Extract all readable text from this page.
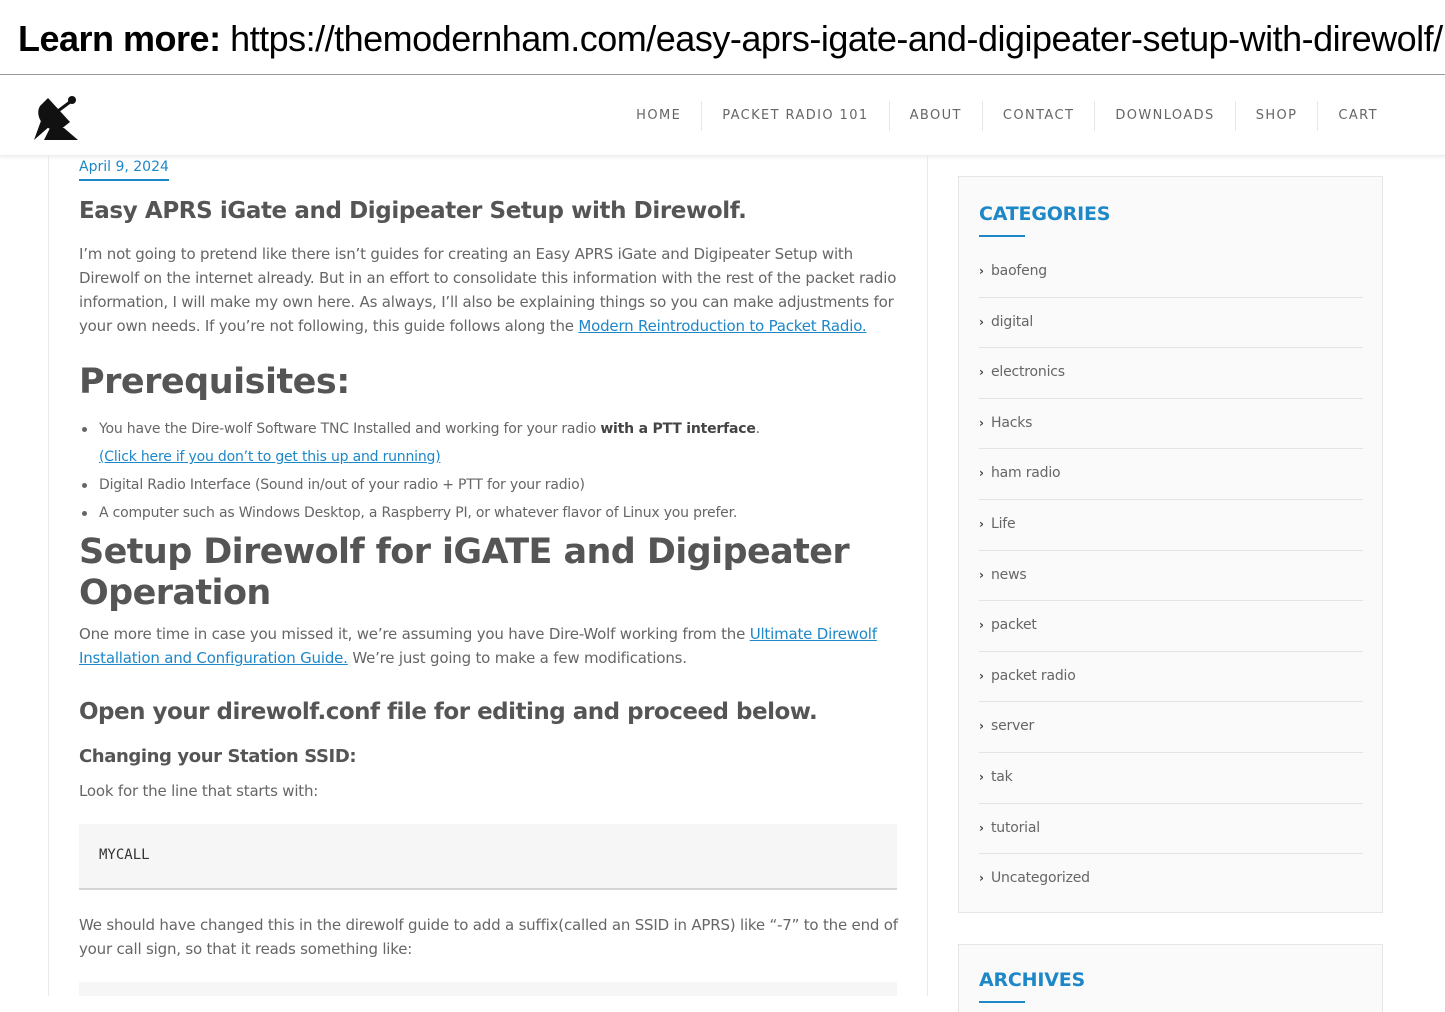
Learn more: https://themodernham.com/easy-aprs-igate-and-digipeater-setup-with-direwolf/
HOME	PACKET RADIO 101	ABOUT	CONTACT	DOWNLOADS	SHOP	CART
April 9, 2024
Easy APRS iGate and Digipeater Setup with Direwolf.

I’m not going to pretend like there isn’t guides for creating an Easy APRS iGate and Digipeater Setup with Direwolf on the internet already. But in an effort to consolidate this information with the rest of the packet radio information, I will make my own here. As always, I’ll also be explaining things so you can make adjustments for your own needs. If you’re not following, this guide follows along the Modern Reintroduction to Packet Radio.

Prerequisites:
You have the Dire-wolf Software TNC Installed and working for your radio with a PTT interface.
(Click here if you don’t to get this up and running)
Digital Radio Interface (Sound in/out of your radio + PTT for your radio)
A computer such as Windows Desktop, a Raspberry PI, or whatever flavor of Linux you prefer.
Setup Direwolf for iGATE and Digipeater Operation

One more time in case you missed it, we’re assuming you have Dire-Wolf working from the Ultimate Direwolf Installation and Configuration Guide. We’re just going to make a few modifications.

Open your direwolf.conf file for editing and proceed below.
Changing your Station SSID:

Look for the line that starts with:

MYCALL

We should have changed this in the direwolf guide to add a suffix(called an SSID in APRS) like “-7” to the end of your call sign, so that it reads something like:

CATEGORIES
› baofeng
› digital
› electronics
› Hacks
› ham radio
› Life
› news
› packet
› packet radio
› server
› tak
› tutorial
› Uncategorized
ARCHIVES
